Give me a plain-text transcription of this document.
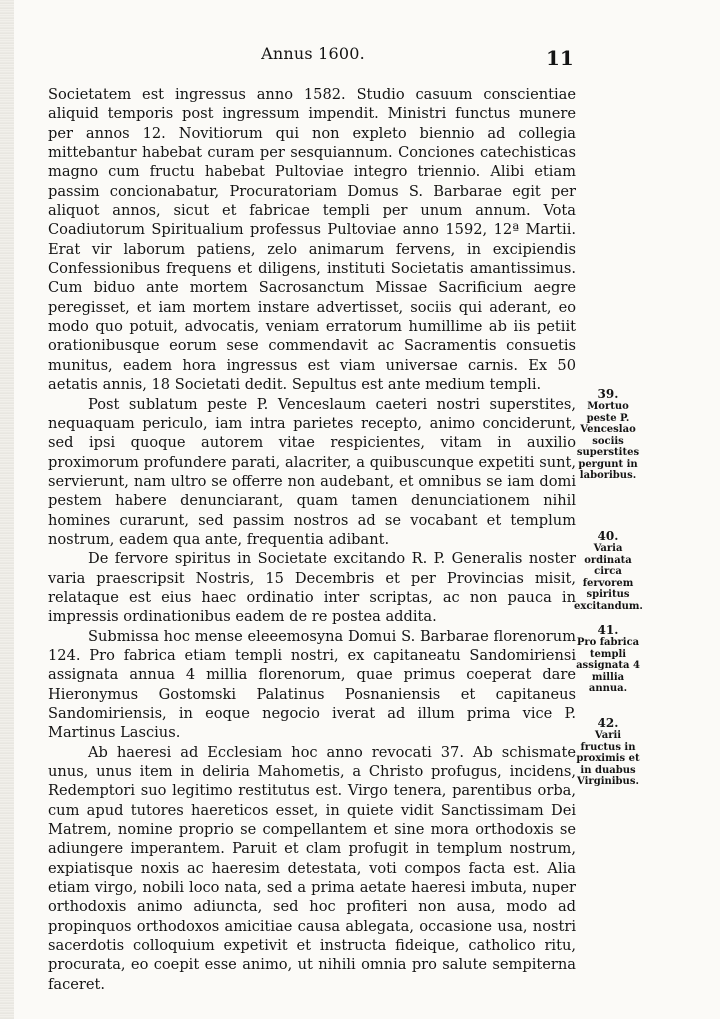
Annus 1600.	11

Societatem est ingressus anno 1582. Studio casuum conscientiae aliquid temporis post ingressum impendit. Ministri functus munere per annos 12. Novitiorum qui non expleto biennio ad collegia mittebantur habebat curam per sesquiannum. Conciones catechisticas magno cum fructu habebat Pultoviae integro triennio. Alibi etiam passim concionabatur, Procuratoriam Domus S. Barbarae egit per aliquot annos, sicut et fabricae templi per unum annum. Vota Coadiutorum Spiritualium professus Pultoviae anno 1592, 12ª Martii. Erat vir laborum patiens, zelo animarum fervens, in excipiendis Confessionibus frequens et diligens, instituti Societatis amantissimus. Cum biduo ante mortem Sacrosanctum Missae Sacrificium aegre peregisset, et iam mortem instare advertisset, sociis qui aderant, eo modo quo potuit, advocatis, veniam erratorum humillime ab iis petiit orationibusque eorum sese commendavit ac Sacramentis consuetis munitus, eadem hora ingressus est viam universae carnis. Ex 50 aetatis annis, 18 Societati dedit. Sepultus est ante medium templi.

Post sublatum peste P. Venceslaum caeteri nostri superstites, nequaquam periculo, iam intra parietes recepto, animo conciderunt, sed ipsi quoque autorem vitae respicientes, vitam in auxilio proximorum profundere parati, alacriter, a quibuscunque expetiti sunt, servierunt, nam ultro se offerre non audebant, et omnibus se iam domi pestem habere denunciarant, quam tamen denunciationem nihil homines curarunt, sed passim nostros ad se vocabant et templum nostrum, eadem qua ante, frequentia adibant.

De fervore spiritus in Societate excitando R. P. Generalis noster varia praescripsit Nostris, 15 Decembris et per Provincias misit, relataque est eius haec ordinatio inter scriptas, ac non pauca in impressis ordinationibus eadem de re postea addita.

Submissa hoc mense eleeemosyna Domui S. Barbarae florenorum 124. Pro fabrica etiam templi nostri, ex capitaneatu Sandomiriensi assignata annua 4 millia florenorum, quae primus coeperat dare Hieronymus Gostomski Palatinus Posnaniensis et capitaneus Sandomiriensis, in eoque negocio iverat ad illum prima vice P. Martinus Lascius.

Ab haeresi ad Ecclesiam hoc anno revocati 37. Ab schismate unus, unus item in deliria Mahometis, a Christo profugus, incidens, Redemptori suo legitimo restitutus est. Virgo tenera, parentibus orba, cum apud tutores haereticos esset, in quiete vidit Sanctissimam Dei Matrem, nomine proprio se compellantem et sine mora orthodoxis se adiungere imperantem. Paruit et clam profugit in templum nostrum, expiatisque noxis ac haeresim detestata, voti compos facta est. Alia etiam virgo, nobili loco nata, sed a prima aetate haeresi imbuta, nuper orthodoxis animo adiuncta, sed hoc profiteri non ausa, modo ad propinquos orthodoxos amicitiae causa ablegata, occasione usa, nostri sacerdotis colloquium expetivit et instructa fideique, catholico ritu, procurata, eo coepit esse animo, ut nihili omnia pro salute sempiterna faceret.

39.
Mortuo peste P. Venceslao sociis superstites pergunt in laboribus.
40.
Varia ordinata circa fervorem spiritus excitandum.
41.
Pro fabrica templi assignata 4 millia annua.
42.
Varii fructus in proximis et in duabus Virginibus.
